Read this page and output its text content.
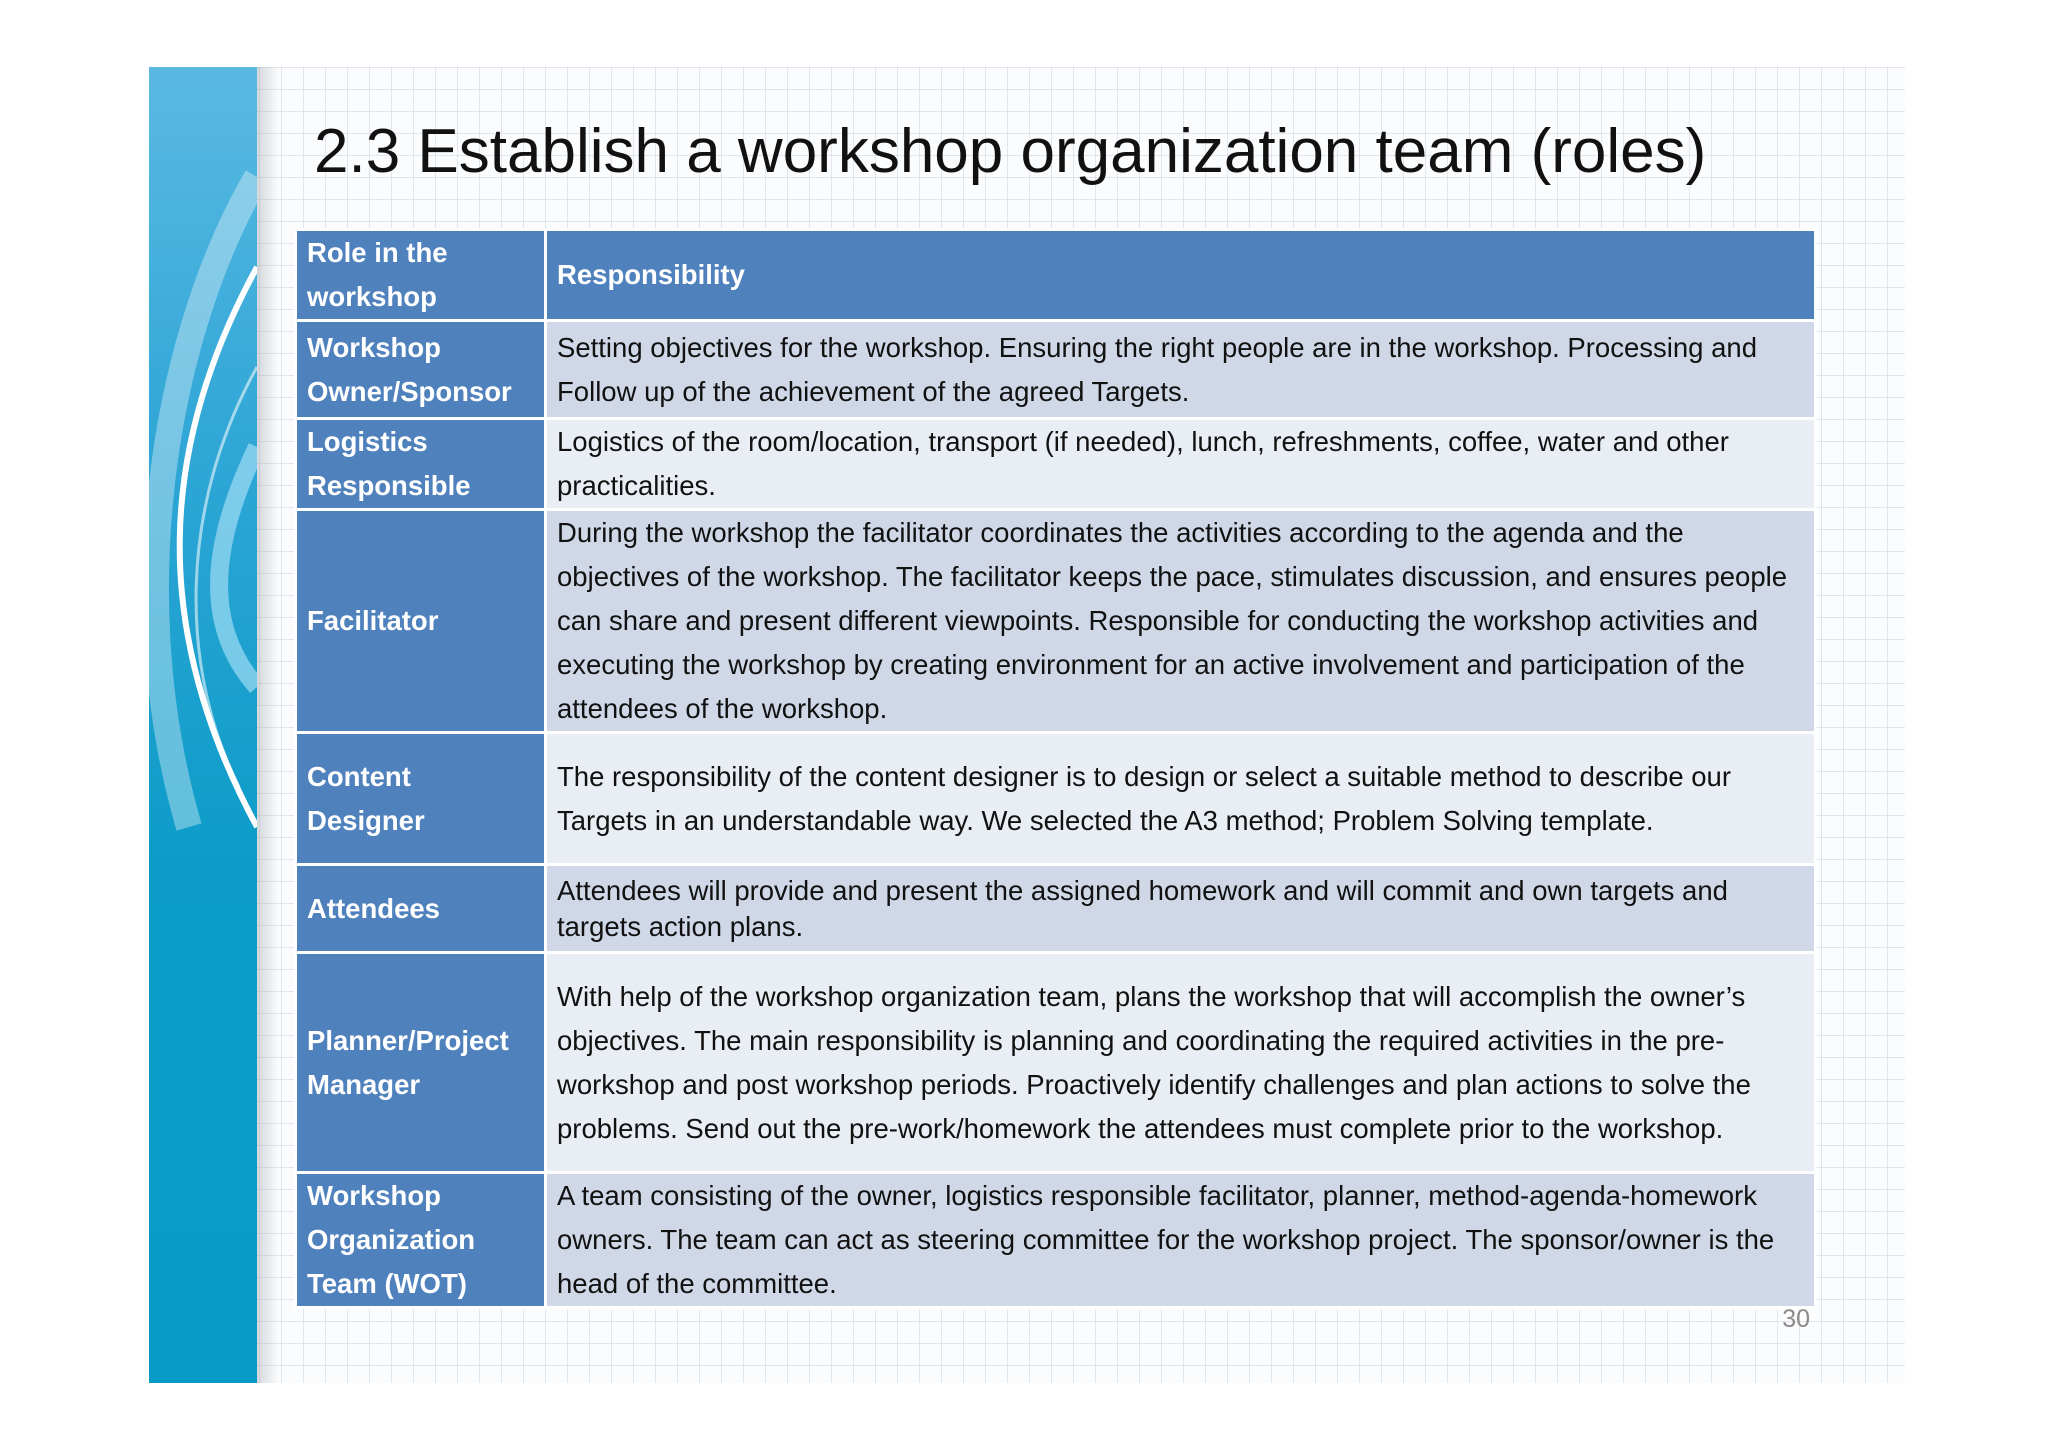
2.3 Establish a workshop organization team (roles)
Role in the workshop	Responsibility
Workshop Owner/Sponsor	Setting objectives for the workshop. Ensuring the right people are in the workshop. Processing and Follow up of the achievement of the agreed Targets.
Logistics Responsible	Logistics of the room/location, transport (if needed), lunch, refreshments, coffee, water and other practicalities.
Facilitator	During the workshop the facilitator coordinates the activities according to the agenda and the objectives of the workshop. The facilitator keeps the pace, stimulates discussion, and ensures people can share and present different viewpoints. Responsible for conducting the workshop activities and executing the workshop by creating environment for an active involvement and participation of the attendees of the workshop.
Content Designer	The responsibility of the content designer is to design or select a suitable method to describe our Targets in an understandable way. We selected the A3 method; Problem Solving template.
Attendees	Attendees will provide and present the assigned homework and will commit and own targets and targets action plans.
Planner/Project Manager	With help of the workshop organization team, plans the workshop that will accomplish the owner’s objectives. The main responsibility is planning and coordinating the required activities in the pre-workshop and post workshop periods. Proactively identify challenges and plan actions to solve the problems. Send out the pre-work/homework the attendees must complete prior to the workshop.
Workshop Organization Team (WOT)	A team consisting of the owner, logistics responsible facilitator, planner, method-agenda-homework owners. The team can act as steering committee for the workshop project. The sponsor/owner is the head of the committee.
30
